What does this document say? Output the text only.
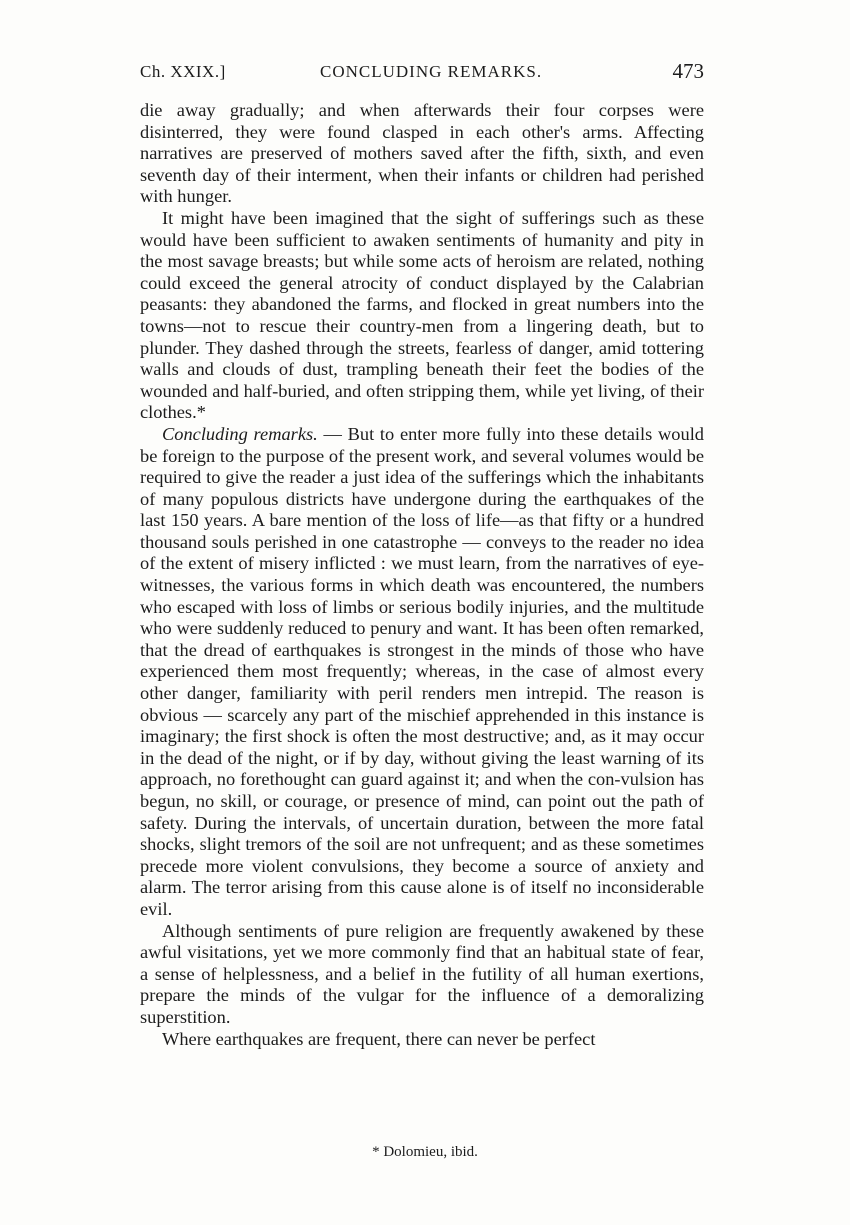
Ch. XXIX.]	CONCLUDING REMARKS.	473

die away gradually; and when afterwards their four corpses were disinterred, they were found clasped in each other's arms. Affecting narratives are preserved of mothers saved after the fifth, sixth, and even seventh day of their interment, when their infants or children had perished with hunger.

It might have been imagined that the sight of sufferings such as these would have been sufficient to awaken sentiments of humanity and pity in the most savage breasts; but while some acts of heroism are related, nothing could exceed the general atrocity of conduct displayed by the Calabrian peasants: they abandoned the farms, and flocked in great numbers into the towns—not to rescue their country-men from a lingering death, but to plunder. They dashed through the streets, fearless of danger, amid tottering walls and clouds of dust, trampling beneath their feet the bodies of the wounded and half-buried, and often stripping them, while yet living, of their clothes.*

Concluding remarks. — But to enter more fully into these details would be foreign to the purpose of the present work, and several volumes would be required to give the reader a just idea of the sufferings which the inhabitants of many populous districts have undergone during the earthquakes of the last 150 years. A bare mention of the loss of life—as that fifty or a hundred thousand souls perished in one catastrophe — conveys to the reader no idea of the extent of misery inflicted : we must learn, from the narratives of eye-witnesses, the various forms in which death was encountered, the numbers who escaped with loss of limbs or serious bodily injuries, and the multitude who were suddenly reduced to penury and want. It has been often remarked, that the dread of earthquakes is strongest in the minds of those who have experienced them most frequently; whereas, in the case of almost every other danger, familiarity with peril renders men intrepid. The reason is obvious — scarcely any part of the mischief apprehended in this instance is imaginary; the first shock is often the most destructive; and, as it may occur in the dead of the night, or if by day, without giving the least warning of its approach, no forethought can guard against it; and when the con-vulsion has begun, no skill, or courage, or presence of mind, can point out the path of safety. During the intervals, of uncertain duration, between the more fatal shocks, slight tremors of the soil are not unfrequent; and as these sometimes precede more violent convulsions, they become a source of anxiety and alarm. The terror arising from this cause alone is of itself no inconsiderable evil.

Although sentiments of pure religion are frequently awakened by these awful visitations, yet we more commonly find that an habitual state of fear, a sense of helplessness, and a belief in the futility of all human exertions, prepare the minds of the vulgar for the influence of a demoralizing superstition.

Where earthquakes are frequent, there can never be perfect

* Dolomieu, ibid.
